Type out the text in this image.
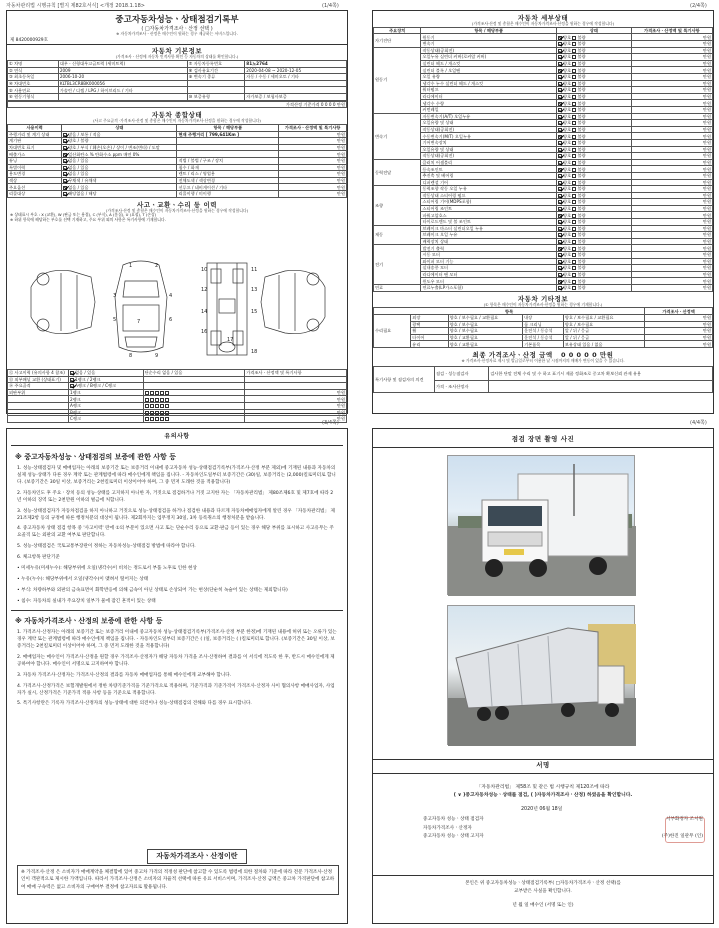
자동차관리법 시행규칙 [별지 제82호서식] <개정 2018.1.18>	(1/4쪽)	(2/4쪽)
(3/4쪽)	(4/4쪽)
중고자동차성능ㆍ상태점검기록부
( □자동차가격조사ㆍ산정 선택 )
※ 자동차가격조사ㆍ산정은 매수인이 원하는 경우 제공하는 서비스입니다.
제 8420000929호
자동차 기본정보
(가격조사ㆍ산정에 자동차 인적사항 확인 등 자동차의 상태를 확인합니다.)
① 차명	대우ㆍ신형대우고급트럭 (세미트럭)	⑦ 자동차등록번호	81노2764
② 연식	2009	⑧ 검사유효기간	2020-04-08 ~ 2020-12-05
③ 최초등록일	2006-10-20	⑨ 변속기 종류	자동 / 수동 / 세미오토 / 기타
④ 차대번호	KLTBL3CR8BK000056		
⑤ 사용연료	가솔린 / 디젤 / LPG / 하이브리드 / 기타		
⑥ 원동기형식		⑩ 보증유형	자가보증 / 보험사보증
가격산정 기준가격 0 0 0 0 만원
자동차 종합상태
(사고 주요골격 ·가격조사·산정 및 총합은 매수인이 자동차가격조사·산정을 원하는 경우에 작성합니다)
사용이력	상태	항목 / 해당부품	가격조사ㆍ산정액 및 특기사항
주행거리 및 계기 상태	많음 / 보통 / 적음	현재 주행거리 [ 799,641Km ]	만원
계기판	양호 / 불량		만원
차대번호 표기	양호 / 부식 / 훼손(오손) / 상이 / 변조(변타) / 도말		만원
배출가스	일산화탄소 % 탄화수소 ppm 매연 0%		만원
튜닝	없음 / 있음	적법 / 불법 / 구조 / 장치	만원
특별이력	없음 / 있음	침수 / 화재	만원
용도변경	없음 / 있음	렌트 / 리스 / 영업용	만원
색상	무채색 / 유채색	전체도색 / 색상변경	만원
주요옵션	없음 / 있음	선루프 / 네비게이션 / 기타	만원
리콜대상	해당없음 / 해당	리콜이행 / 미이행	만원
사고ㆍ교환ㆍ수리 등 이력
(가격조사·산정 및 총합은 매수인이 자동차가격조사·산정을 원하는 경우에 작성합니다)
※ 상태표시 부호 : X (교환), W (판금 또는 용접), C (부식), A (흠집), U (요철), T (손상)
※ 하위 항목에 해당하는 부호를 선택 기재하고, 주요 부위 외의 사항은 특기사항에 기재합니다.
1	2
3	4
5	6
7
8	9
10	11
12	13
14	15
16
17
18
⑫ 사고이력 (유의사항 4 참조)	없음 / 있음	단순수리 없음 / 있음	가격조사ㆍ산정액 및 특기사항
⑬ 외부패널 교환 (상태표기)	1랭크 / 2랭크		
⑭ 주요골격	A랭크 / B랭크 / C랭크		
외판부위	1랭크		만원
	2랭크		만원
	A랭크		만원
	B랭크		만원
	C랭크		만원
자동차 세부상태
(가격조사·산정 및 총합은 매수인이 자동차가격조사·산정을 원하는 경우에 작성합니다)
주요장치	항목 / 해당부품	상태	가격조사ㆍ산정액 및 특기사항
자기진단	원동기	양호 불량	만원
	변속기	양호 불량	만원
원동기	작동상태(공회전)	양호 불량	만원
	오일누유 실린더 커버(로커암 커버)	양호 불량	만원
	실린더 헤드 / 개스킷	양호 불량	만원
	실린더 블록 / 오일팬	양호 불량	만원
	오일 유량	양호 불량	만원
	냉각수 누수 실린더 헤드 / 개스킷	양호 불량	만원
	워터펌프	양호 불량	만원
	라디에이터	양호 불량	만원
	냉각수 수량	양호 불량	만원
	커먼레일	양호 불량	만원
변속기	자동변속기(A/T) 오일누유	양호 불량	만원
	오일유량 및 상태	양호 불량	만원
	작동상태(공회전)	양호 불량	만원
	수동변속기(M/T) 오일누유	양호 불량	만원
	기어변속장치	양호 불량	만원
	오일유량 및 상태	양호 불량	만원
	작동상태(공회전)	양호 불량	만원
동력전달	클러치 어셈블리	양호 불량	만원
	등속조인트	양호 불량	만원
	추진축 및 베어링	양호 불량	만원
	디퍼렌셜 기어	양호 불량	만원
조향	동력조향 작동 오일 누유	양호 불량	만원
	작동상태 스티어링 펌프	양호 불량	만원
	스티어링 기어(MDPS포함)	양호 불량	만원
	스티어링 조인트	양호 불량	만원
	파워고압호스	양호 불량	만원
	타이로드엔드 및 볼 조인트	양호 불량	만원
제동	브레이크 마스터 실린더오일 누유	양호 불량	만원
	브레이크 오일 누유	양호 불량	만원
	배력장치 상태	양호 불량	만원
전기	발전기 출력	양호 불량	만원
	시동 모터	양호 불량	만원
	와이퍼 모터 기능	양호 불량	만원
	실내송풍 모터	양호 불량	만원
	라디에이터 팬 모터	양호 불량	만원
	윈도우 모터	양호 불량	만원
연료	연료누출(LP가스포함)	양호 불량	만원
자동차 기타정보
(① 항목은 매수인이 자동차가격조사·산정을 원하는 경우에 기재합니다.)
항목					가격조사ㆍ산정액
수리필요	외장	양호 / 보수필요 / 교환필요	내장	양호 / 보수필요 / 교환필요	만원
	광택	양호 / 보수필요	룸 크리닝	양호 / 보수필요	만원
	휠	양호 / 보수필요	운전석 / 동승석	앞 / 뒤 / 응급	만원
	타이어	양호 / 교환필요	운전석 / 동승석	앞 / 뒤 / 응급	만원
	유리	양호 / 교환필요	기본품목	보유상태 있음 / 없음	만원
최종 가격조사ㆍ산정 금액 0 0 0 0 0 만원
※ 가격조사·산정자료 제시 및 발급일로부터 이용한 날 시점까지의 매매가 변동이 있을 수 있습니다.
특기사항 및 점검자의 의견	점검ㆍ성능점검자	검사한 단말 전체 수리 및 수 하고 표기시 제품 정화조로 중고차 확보신뢰 관제 유용
	가격ㆍ조사산정자	
유의사항
※ 중고자동차성능ㆍ상태점검의 보증에 관한 사항 등
1. 성능·상태점검자 및 매매업자는 아래의 보증기간 또는 보증거리 이내에 중고자동차 성능·상태점검기록부(가격조사·산정 부분 제외)에 기재된 내용과 자동차의 실제 성능·상태가 다른 경우 계약 또는 관계법령에 따라 매수인에게 책임을 집니다. - 자동차인도일부터 보증기간은 (30)일, 보증거리는 (2,000)킬로미터로 합니다. (보증기간은 30일 이상, 보증거리는 2천킬로미터 이상이어야 하며, 그 중 먼저 도래한 것을 적용합니다)
2. 자동차인도 후 주요ㆍ장치 등의 성능·상태를 고지하지 아니한 자, 거짓으로 점검하거나 거짓 고지한 자는 「자동차관리법」 제80조제6호 및 제7호에 따라 2년 이하의 징역 또는 2천만원 이하의 벌금에 처합니다.
3. 성능·상태점검자가 자동차점검을 하지 아니하고 거짓으로 성능·상태점검을 하거나 점검한 내용과 다르게 자동차매매업자에게 알린 경우 「자동차관리법」 제21조제2항 등의 규정에 따른 행정처분의 대상이 됩니다. 제2회까지는 업무정지 30일, 3차 등록취소의 행정처분을 받습니다.
4. 중고자동차 상태 점검 항목 중 '사고이력' 란에 ①의 부분이 있으면 사고 또는 단순수리 등으로 교환·판금 등이 있는 경우 해당 부위를 표시하고 사고유무는 주요골격 또는 외판의 교환 여부로 판단합니다.
5. 성능·상태점검은 국토교통부장관이 정하는 자동차성능·상태점검 방법에 따라야 합니다.
6. 체크항목 판단기준
• 미세누유(미세누수): 해당부위에 오일(냉각수)이 비치는 정도로서 부품 노후로 인한 현상
• 누유(누수): 해당부위에서 오일(냉각수)이 맺혀서 떨어지는 상태
• 부식: 차량하부와 외판의 금속표면이 화학반응에 의해 금속이 아닌 상태로 손상되어 가는 현상(단순히 녹슬어 있는 상태는 제외합니다)
• 침수: 자동차의 실내가 주요장치 일부가 물에 잠긴 흔적이 있는 상태
※ 자동차가격조사ㆍ산정의 보증에 관한 사항 등
1. 가격조사·산정자는 아래의 보증기간 또는 보증거리 이내에 중고자동차 성능·상태점검기록부(가격조사·산정 부분 한정)에 기재된 내용에 허위 또는 오류가 있는 경우 계약 또는 관계법령에 따라 매수인에게 책임을 집니다. - 자동차인도일부터 보증기간은 ( )일, 보증거리는 ( )킬로미터로 합니다. (보증기간은 30일 이상, 보증거리는 2천킬로미터 이상이어야 하며, 그 중 먼저 도래한 것을 적용합니다)
2. 매매업자는 매수인이 가격조사·산정을 원할 경우 가격조사·산정자가 해당 자동차 가격을 조사·산정하여 결과를 이 서식에 적도록 한 후, 반드시 매수인에게 제공하여야 합니다. 매수인이 서명으로 고지하여야 합니다.
3. 자동차 가격조사·산정자는 가격조사·산정의 결과를 자동차 매매업자를 통해 매수인에게 교부해야 합니다.
4. 가격조사·산정가격은 보험개발원에서 정한 차량기준가격을 기준가격으로 적용하며, 기준가격과 기준가격이 가격조사·산정자 사이 협의사항 매매사업자, 사업자가 실시, 산정가격은 기준가격 적용 사항 등을 기준으로 적용합니다.
5. 특기사항란은 기록자 가격조사·산정자의 성능·상태에 대한 의견이나 성능·상태점검의 견해와 다를 경우 표시합니다.
자동차가격조사ㆍ산정이란
※ 가격조사·산정 은 소비자가 매매계약을 체결함에 있어 중고차 가격의 적정성 판단에 참고할 수 있도록 법령에 의한 절차와 기준에 따라 전문 가격조사·산정인이 객관적으로 제시한 가액입니다. 따라서 가격조사·산정은 소비자의 자율적 선택에 따른 유료 서비스이며, 가격조사·산정 금액은 중고차 가격판단에 참고하여 매매 구속력은 없고 소비자의 구매여부 결정에 참고자료로 활용됩니다.
점검 장면 촬영 사진
서명
「자동차관리법」 제58조 및 같은 법 시행규칙 제120조에 따라
( ∨ )중고자동차성능ㆍ상태를 점검, ( )자동차가격조사ㆍ산정) 하였음을 확인합니다.
2020년 06월 18일
중고자동차 성능ㆍ상태 점검자	서부화정자 조서원
자동차가격조사ㆍ산정자
중고자동차 성능ㆍ상태 고지자	(주)한진 일관무 (인)
본인은 위 중고자동차성능ㆍ상태점검기록부( □자동차가격조사ㆍ산정 선택)를
교부받은 사실을 확인합니다.
년 월 일 매수인 (서명 또는 인)
